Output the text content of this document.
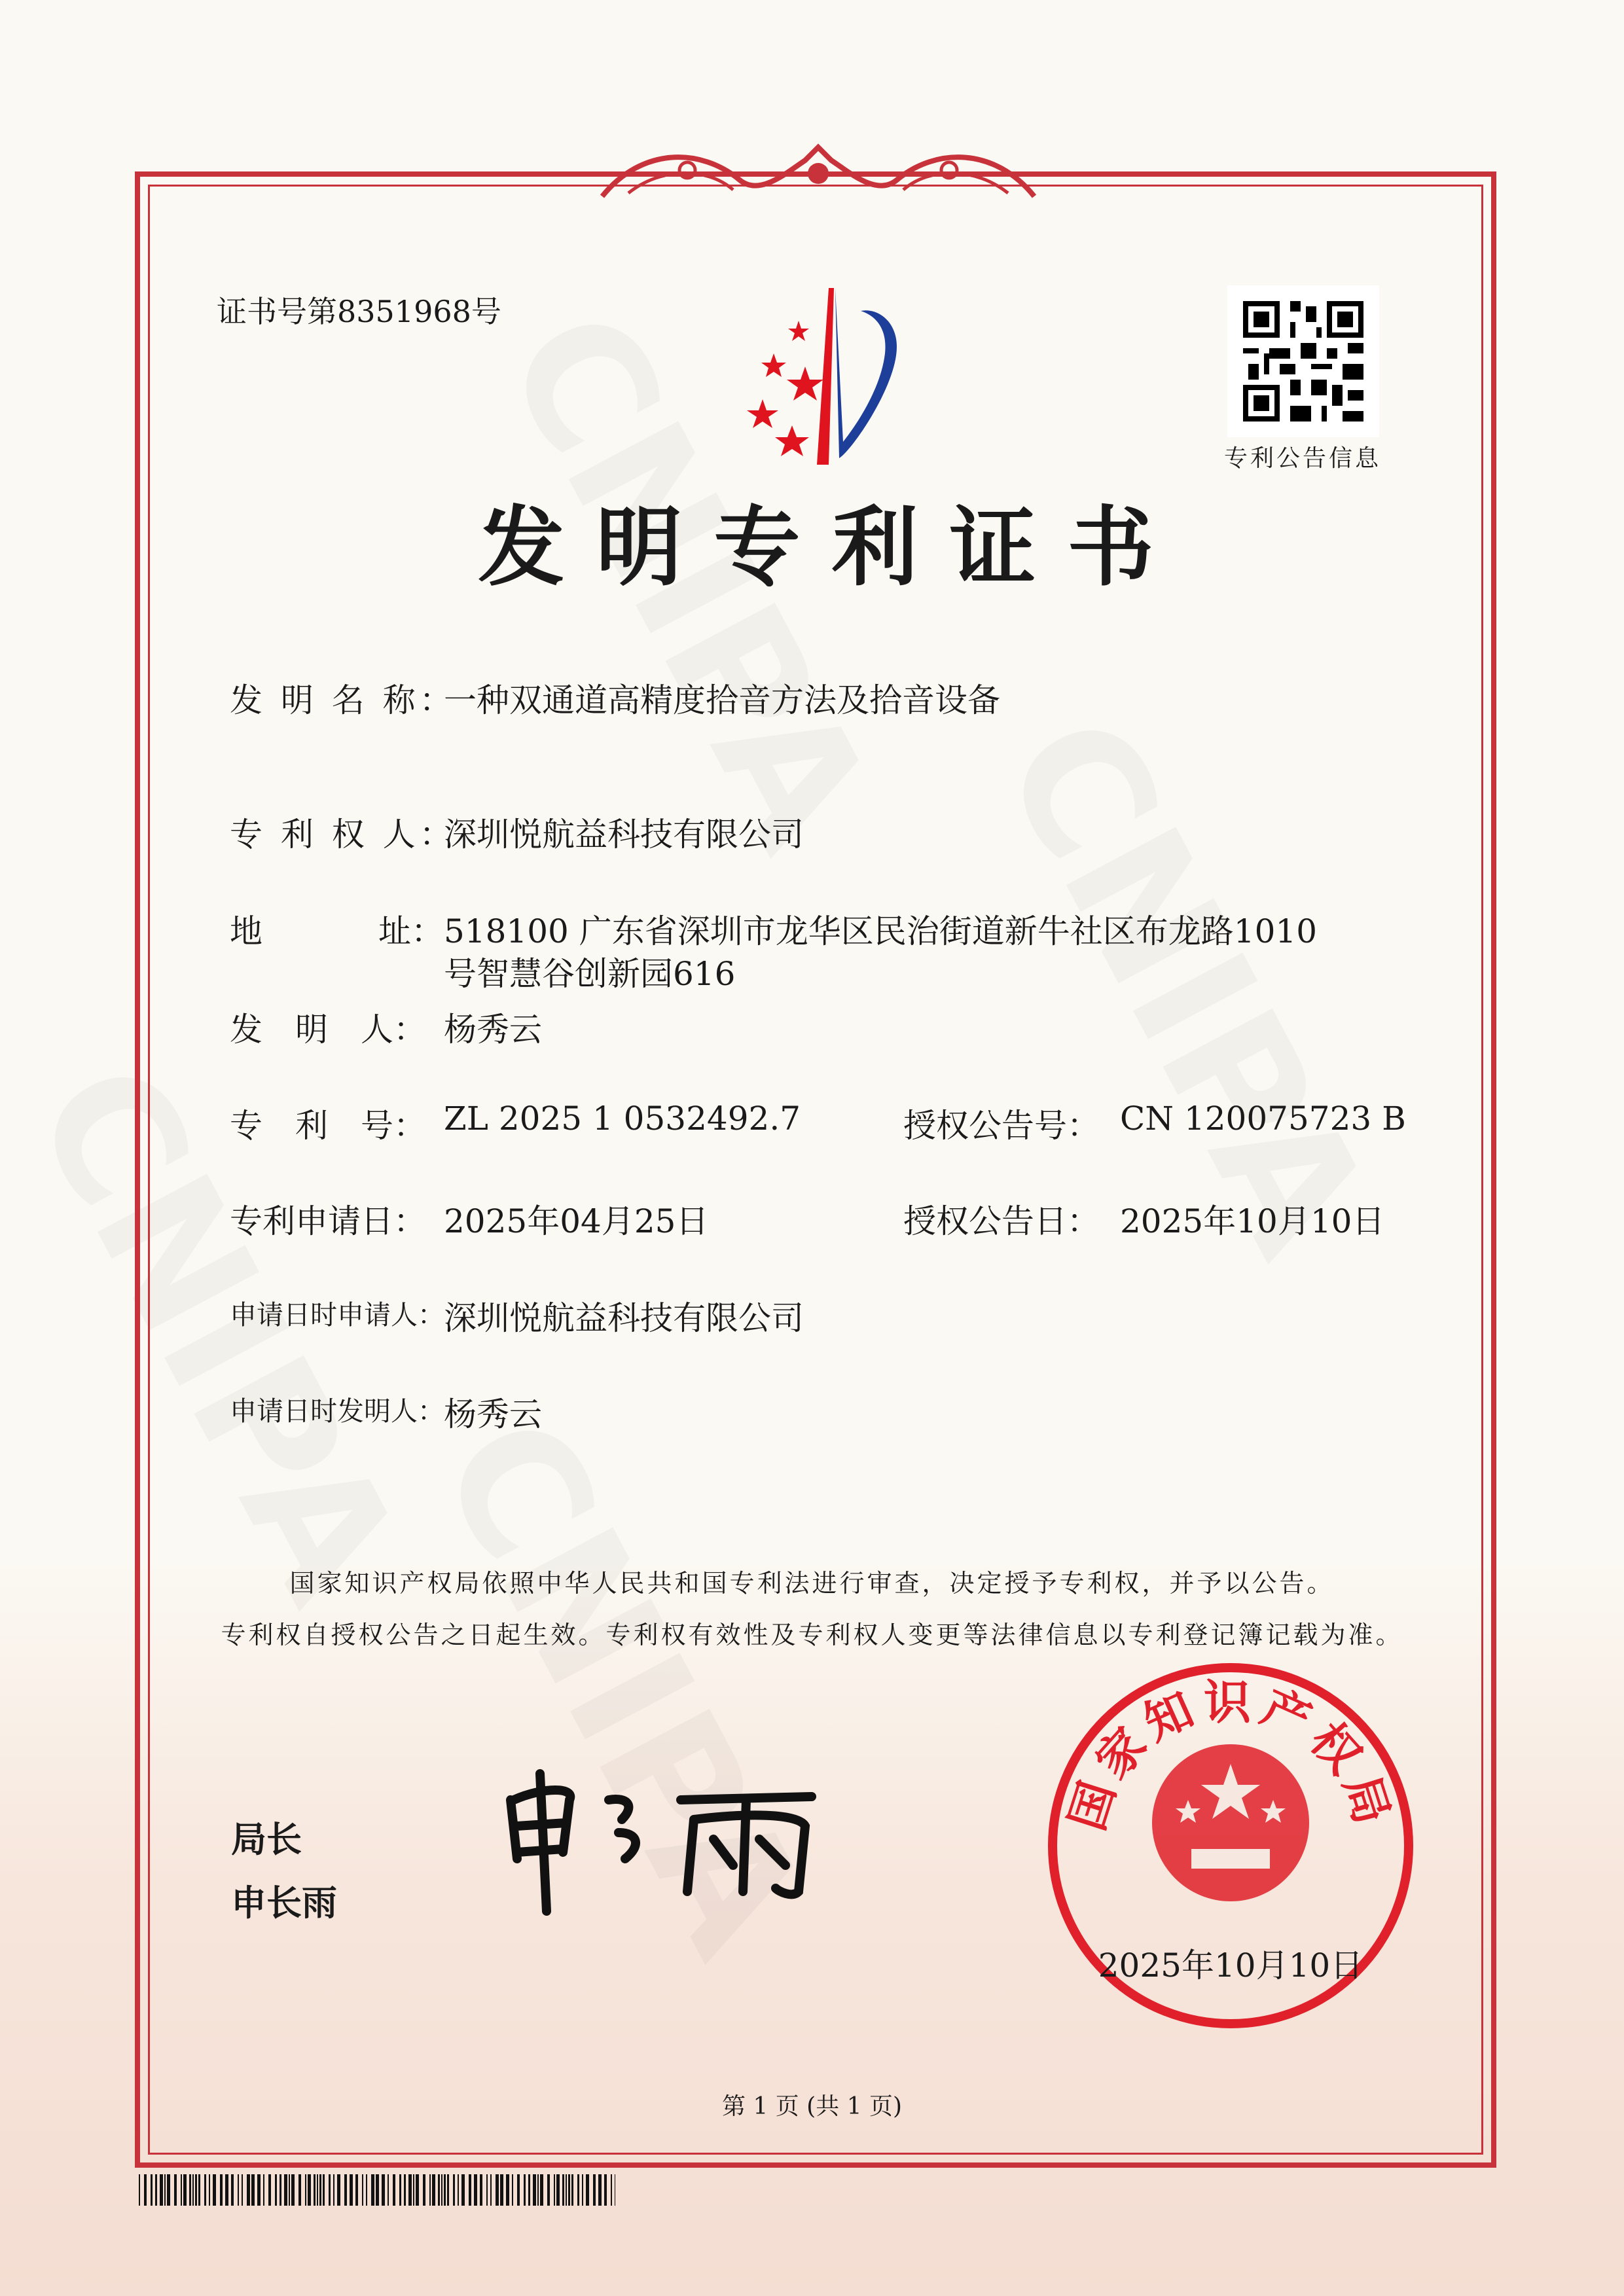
证书号第8351968号
专利公告信息
发明专利证书
发 明 名 称：
一种双通道高精度拾音方法及拾音设备
专 利 权 人：
深圳悦航益科技有限公司
地	址： 518100 广东省深圳市龙华区民治街道新牛社区布龙路1010
号智慧谷创新园616
发　明　人： 杨秀云
专　利　号： ZL 2025 1 0532492.7	授权公告号： CN 120075723 B
专利申请日： 2025年04月25日	授权公告日： 2025年10月10日
申请日时申请人： 深圳悦航益科技有限公司
申请日时发明人： 杨秀云
国家知识产权局依照中华人民共和国专利法进行审查，决定授予专利权，并予以公告。
专利权自授权公告之日起生效。专利权有效性及专利权人变更等法律信息以专利登记簿记载为准。
局长
申长雨
国家知识产权局
2025年10月10日
第 1 页 (共 1 页)
